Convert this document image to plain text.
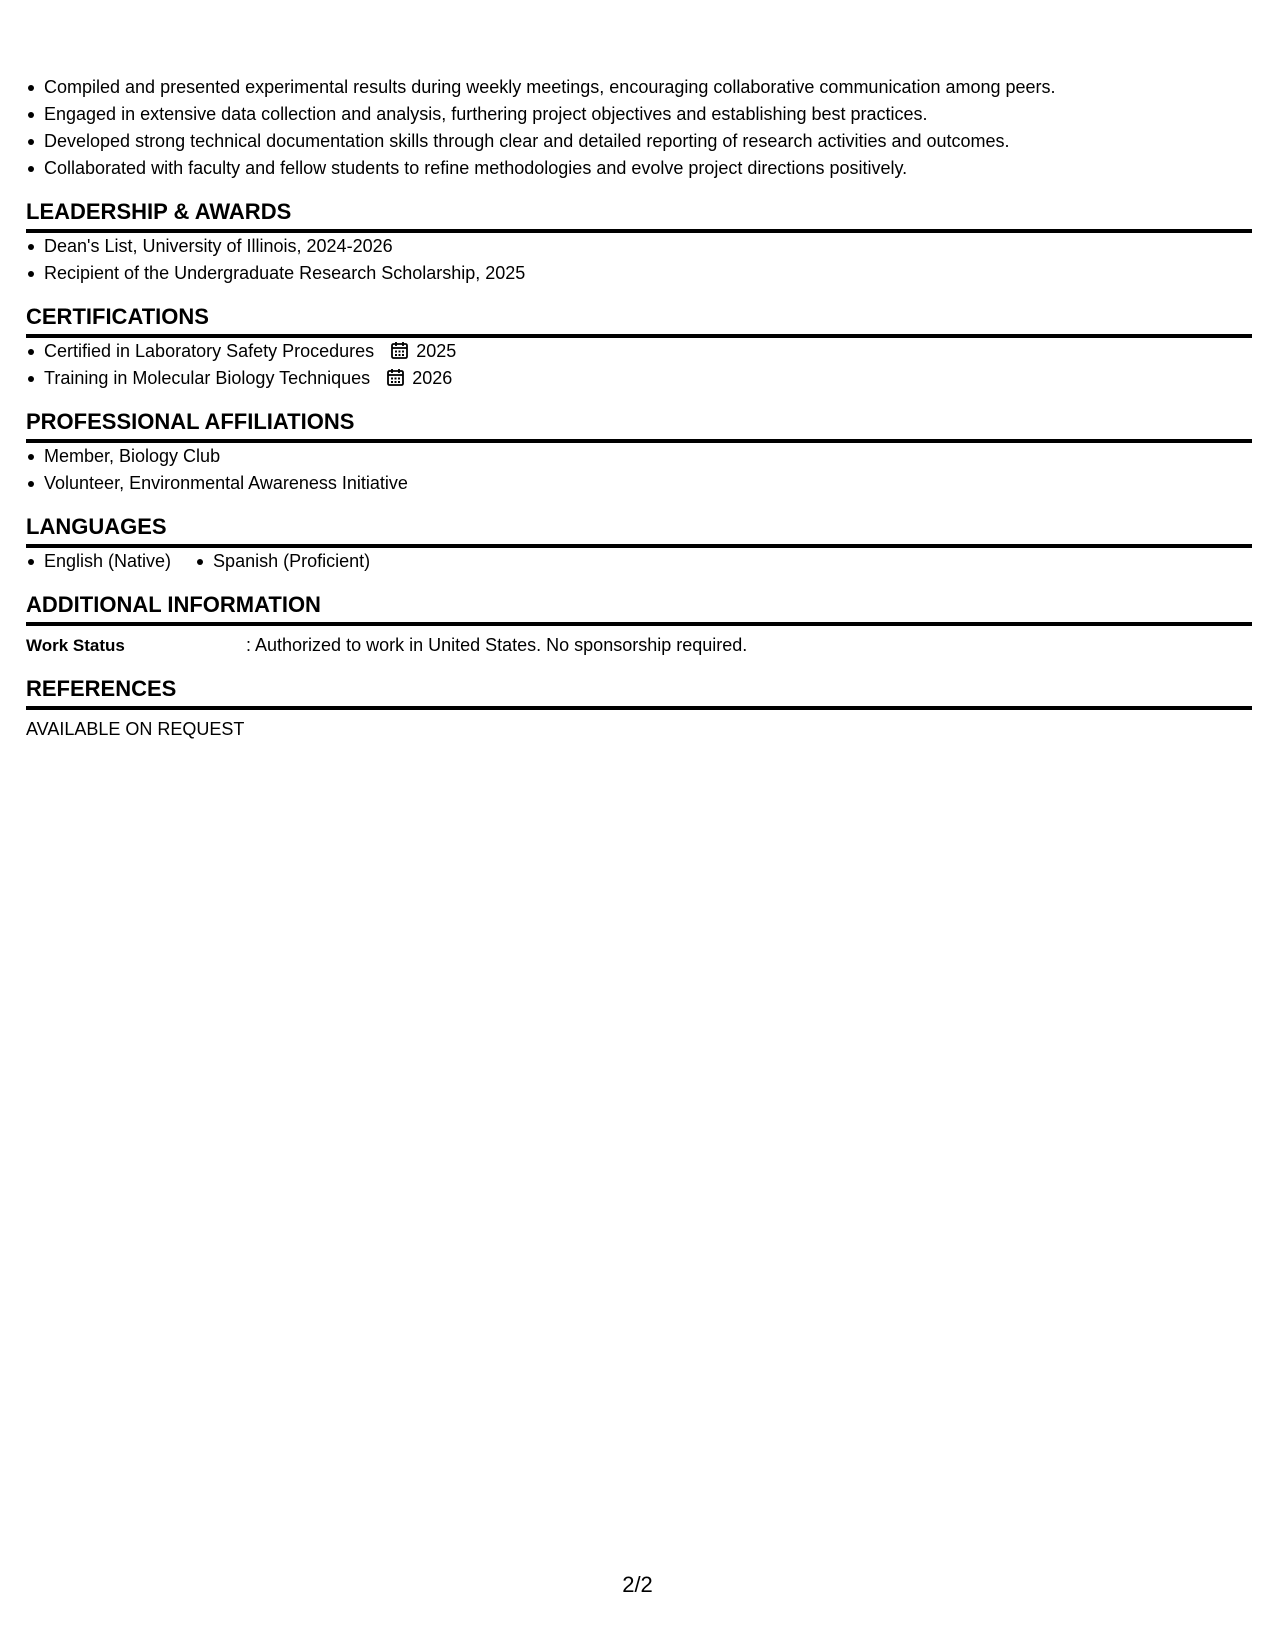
Compiled and presented experimental results during weekly meetings, encouraging collaborative communication among peers.
Engaged in extensive data collection and analysis, furthering project objectives and establishing best practices.
Developed strong technical documentation skills through clear and detailed reporting of research activities and outcomes.
Collaborated with faculty and fellow students to refine methodologies and evolve project directions positively.
LEADERSHIP & AWARDS
Dean's List, University of Illinois, 2024-2026
Recipient of the Undergraduate Research Scholarship, 2025
CERTIFICATIONS
Certified in Laboratory Safety Procedures 2025
Training in Molecular Biology Techniques 2026
PROFESSIONAL AFFILIATIONS
Member, Biology Club
Volunteer, Environmental Awareness Initiative
LANGUAGES
English (Native)	Spanish (Proficient)
ADDITIONAL INFORMATION
Work Status	: Authorized to work in United States. No sponsorship required.
REFERENCES
AVAILABLE ON REQUEST
2/2
